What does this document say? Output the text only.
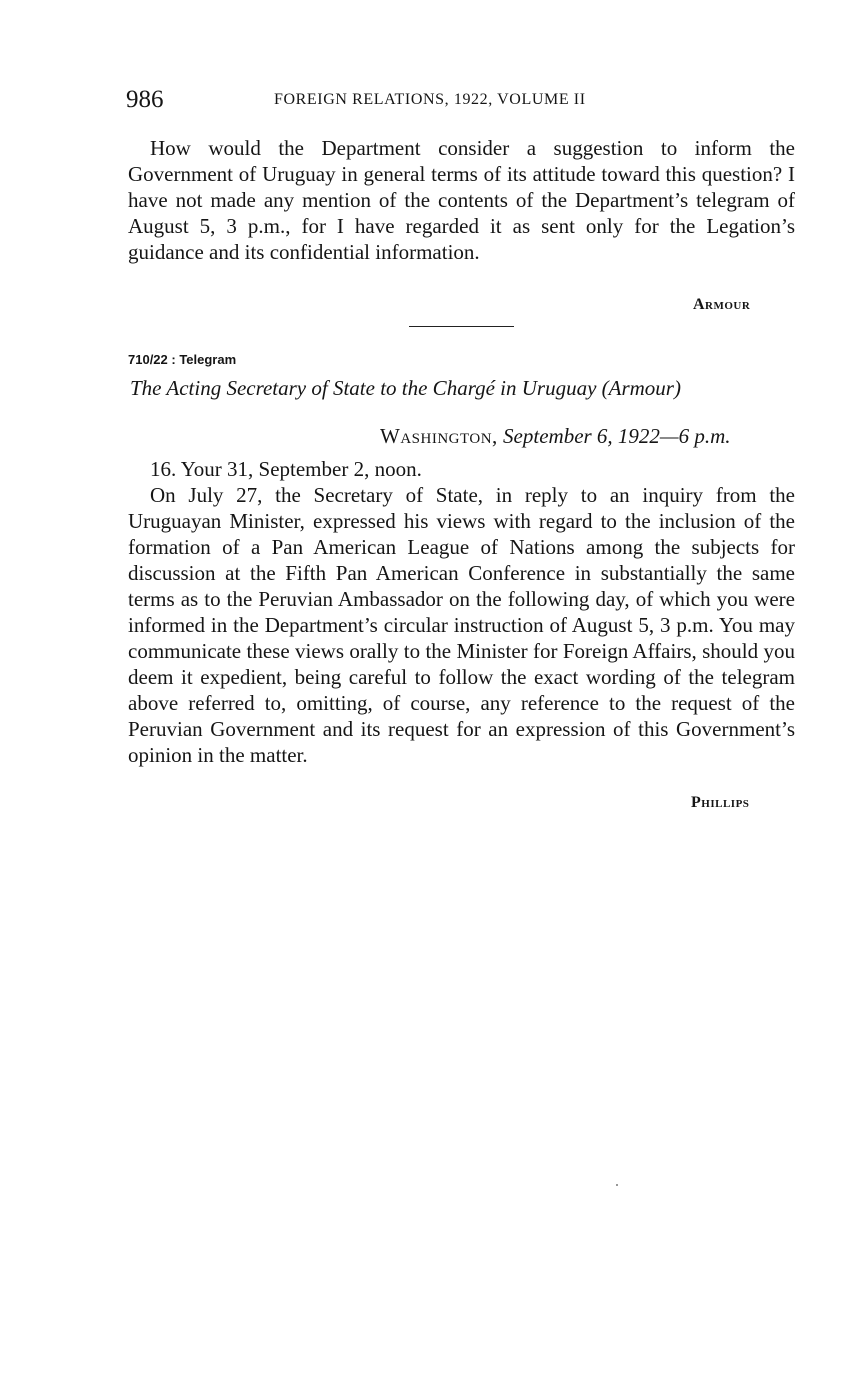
986	FOREIGN RELATIONS, 1922, VOLUME II

How would the Department consider a suggestion to inform the Government of Uruguay in general terms of its attitude toward this question? I have not made any mention of the contents of the Department’s telegram of August 5, 3 p.m., for I have regarded it as sent only for the Legation’s guidance and its confidential information.

Armour
710/22 : Telegram
The Acting Secretary of State to the Chargé in Uruguay (Armour)
Washington, September 6, 1922—6 p.m.

16. Your 31, September 2, noon.

On July 27, the Secretary of State, in reply to an inquiry from the Uruguayan Minister, expressed his views with regard to the inclusion of the formation of a Pan American League of Nations among the subjects for discussion at the Fifth Pan American Conference in substantially the same terms as to the Peruvian Ambassador on the following day, of which you were informed in the Department’s circular instruction of August 5, 3 p.m. You may communicate these views orally to the Minister for Foreign Affairs, should you deem it expedient, being careful to follow the exact wording of the telegram above referred to, omitting, of course, any reference to the request of the Peruvian Government and its request for an expression of this Government’s opinion in the matter.

Phillips
